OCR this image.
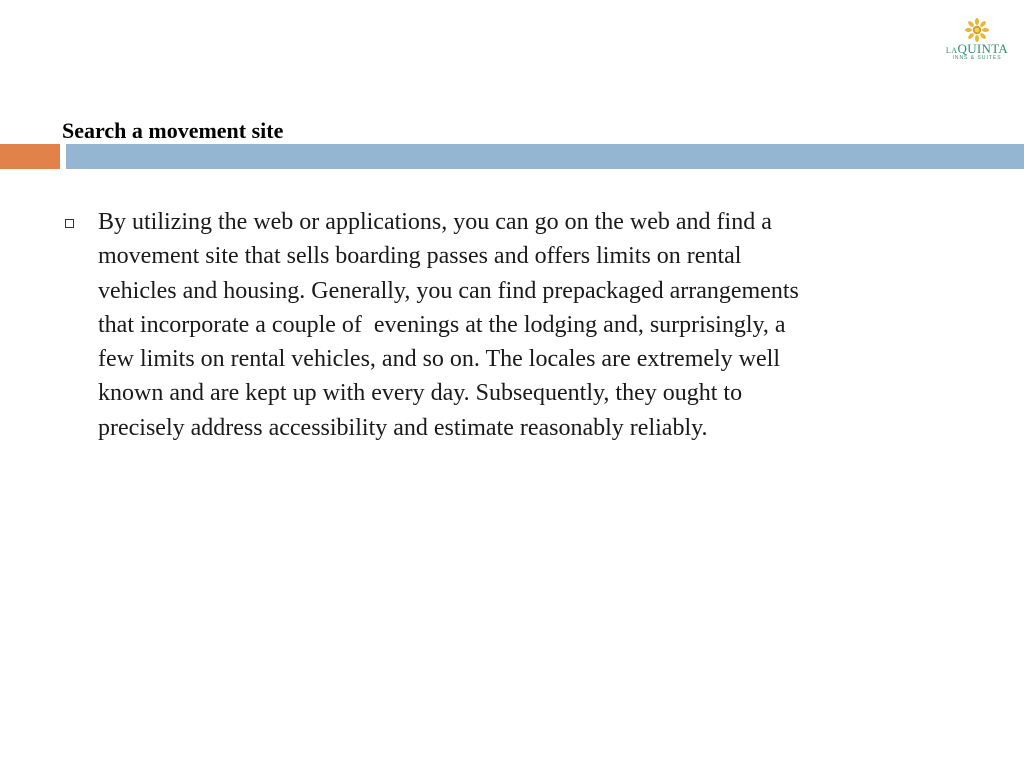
LAQUINTA
INNS & SUITES
Search a movement site
By utilizing the web or applications, you can go on the web and find a
movement site that sells boarding passes and offers limits on rental
vehicles and housing. Generally, you can find prepackaged arrangements
that incorporate a couple of  evenings at the lodging and, surprisingly, a
few limits on rental vehicles, and so on. The locales are extremely well
known and are kept up with every day. Subsequently, they ought to
precisely address accessibility and estimate reasonably reliably.
